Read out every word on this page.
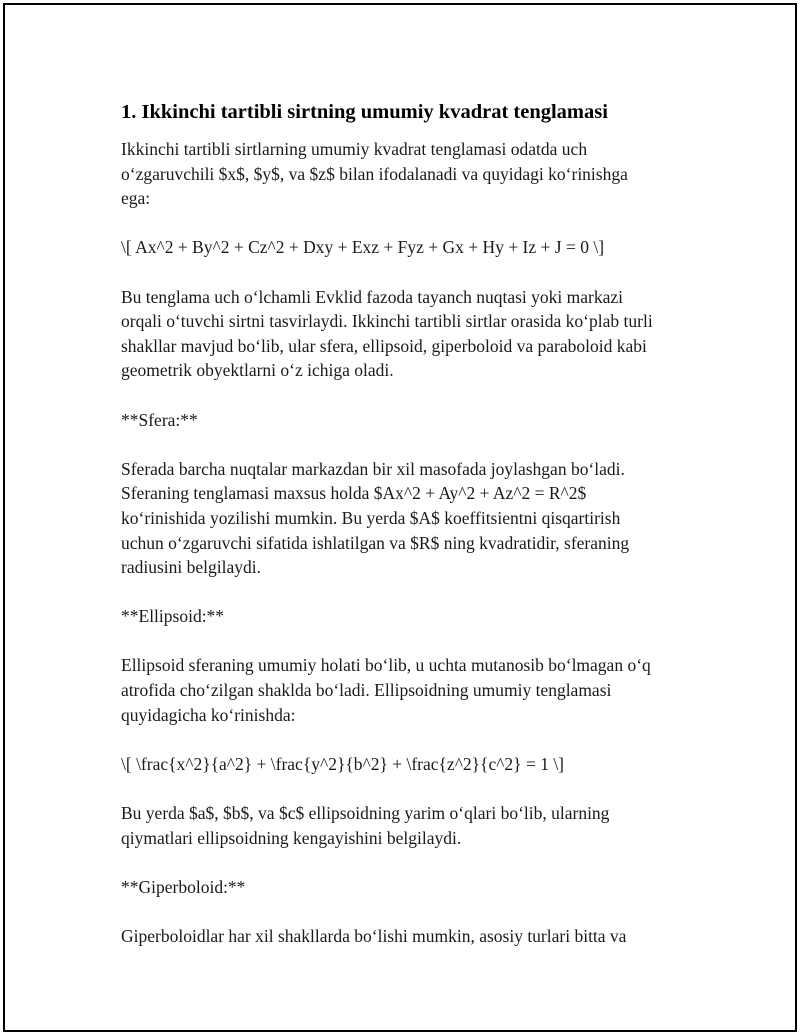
1. Ikkinchi tartibli sirtning umumiy kvadrat tenglamasi

Ikkinchi tartibli sirtlarning umumiy kvadrat tenglamasi odatda uch
o‘zgaruvchili $x$, $y$, va $z$ bilan ifodalanadi va quyidagi ko‘rinishga
ega:

\[ Ax^2 + By^2 + Cz^2 + Dxy + Exz + Fyz + Gx + Hy + Iz + J = 0 \]

Bu tenglama uch o‘lchamli Evklid fazoda tayanch nuqtasi yoki markazi
orqali o‘tuvchi sirtni tasvirlaydi. Ikkinchi tartibli sirtlar orasida ko‘plab turli
shakllar mavjud bo‘lib, ular sfera, ellipsoid, giperboloid va paraboloid kabi
geometrik obyektlarni o‘z ichiga oladi.

**Sfera:**

Sferada barcha nuqtalar markazdan bir xil masofada joylashgan bo‘ladi.
Sferaning tenglamasi maxsus holda $Ax^2 + Ay^2 + Az^2 = R^2$
ko‘rinishida yozilishi mumkin. Bu yerda $A$ koeffitsientni qisqartirish
uchun o‘zgaruvchi sifatida ishlatilgan va $R$ ning kvadratidir, sferaning
radiusini belgilaydi.

**Ellipsoid:**

Ellipsoid sferaning umumiy holati bo‘lib, u uchta mutanosib bo‘lmagan o‘q
atrofida cho‘zilgan shaklda bo‘ladi. Ellipsoidning umumiy tenglamasi
quyidagicha ko‘rinishda:

\[ \frac{x^2}{a^2} + \frac{y^2}{b^2} + \frac{z^2}{c^2} = 1 \]

Bu yerda $a$, $b$, va $c$ ellipsoidning yarim o‘qlari bo‘lib, ularning
qiymatlari ellipsoidning kengayishini belgilaydi.

**Giperboloid:**

Giperboloidlar har xil shakllarda bo‘lishi mumkin, asosiy turlari bitta va
